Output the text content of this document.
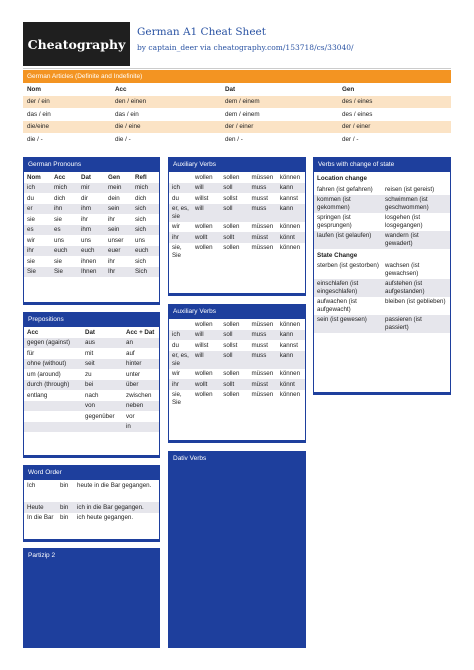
Cheatography
German A1 Cheat Sheet
by captain_deer via cheatography.com/153718/cs/33040/
German Articles (Definite and Indefinite)
Nom	Acc	Dat	Gen
der / ein	den / einen	dem / einem	des / eines
das / ein	das / ein	dem / einem	des / eines
die/eine	die / eine	der / einer	der / einer
die / -	die / -	den / -	der / -
German Pronouns
Nom	Acc	Dat	Gen	Refl
ich	mich	mir	mein	mich
du	dich	dir	dein	dich
er	ihn	ihm	sein	sich
sie	sie	ihr	ihr	sich
es	es	ihm	sein	sich
wir	uns	uns	unser	uns
ihr	euch	euch	euer	euch
sie	sie	ihnen	ihr	sich
Sie	Sie	Ihnen	Ihr	Sich
Prepositions
Acc	Dat	Acc + Dat
gegen (against)	aus	an
für	mit	auf
ohne (without)	seit	hinter
um (around)	zu	unter
durch (through)	bei	über
entlang	nach	zwischen
	von	neben
	gegenüber	vor
		in
Word Order
Ich	bin	heute in die Bar gegangen.
Heute	bin	ich in die Bar gegangen.
In die Bar	bin	ich heute gegangen.
Partizip 2
Auxiliary Verbs
	wollen	sollen	müssen	können
ich	will	soll	muss	kann
du	willst	sollst	musst	kannst
er, es, sie	will	soll	muss	kann
wir	wollen	sollen	müssen	können
ihr	wollt	sollt	müsst	könnt
sie, Sie	wollen	sollen	müssen	können
Auxiliary Verbs
	wollen	sollen	müssen	können
ich	will	soll	muss	kann
du	willst	sollst	musst	kannst
er, es, sie	will	soll	muss	kann
wir	wollen	sollen	müssen	können
ihr	wollt	sollt	müsst	könnt
sie, Sie	wollen	sollen	müssen	können
Dativ Verbs
Verbs with change of state
Location change
fahren (ist gefahren)	reisen (ist gereist)
kommen (ist gekommen)	schwimmen (ist geschwommen)
springen (ist gesprungen)	losgehen (ist losgegangen)
laufen (ist gelaufen)	wandern (ist gewadert)
State Change
sterben (ist gestorben)	wachsen (ist gewachsen)
einschlafen (ist eingeschlafen)	aufstehen (ist aufgestanden)
aufwachen (ist aufgewacht)	bleiben (ist geblieben)
sein (ist gewesen)	passieren (ist passiert)
